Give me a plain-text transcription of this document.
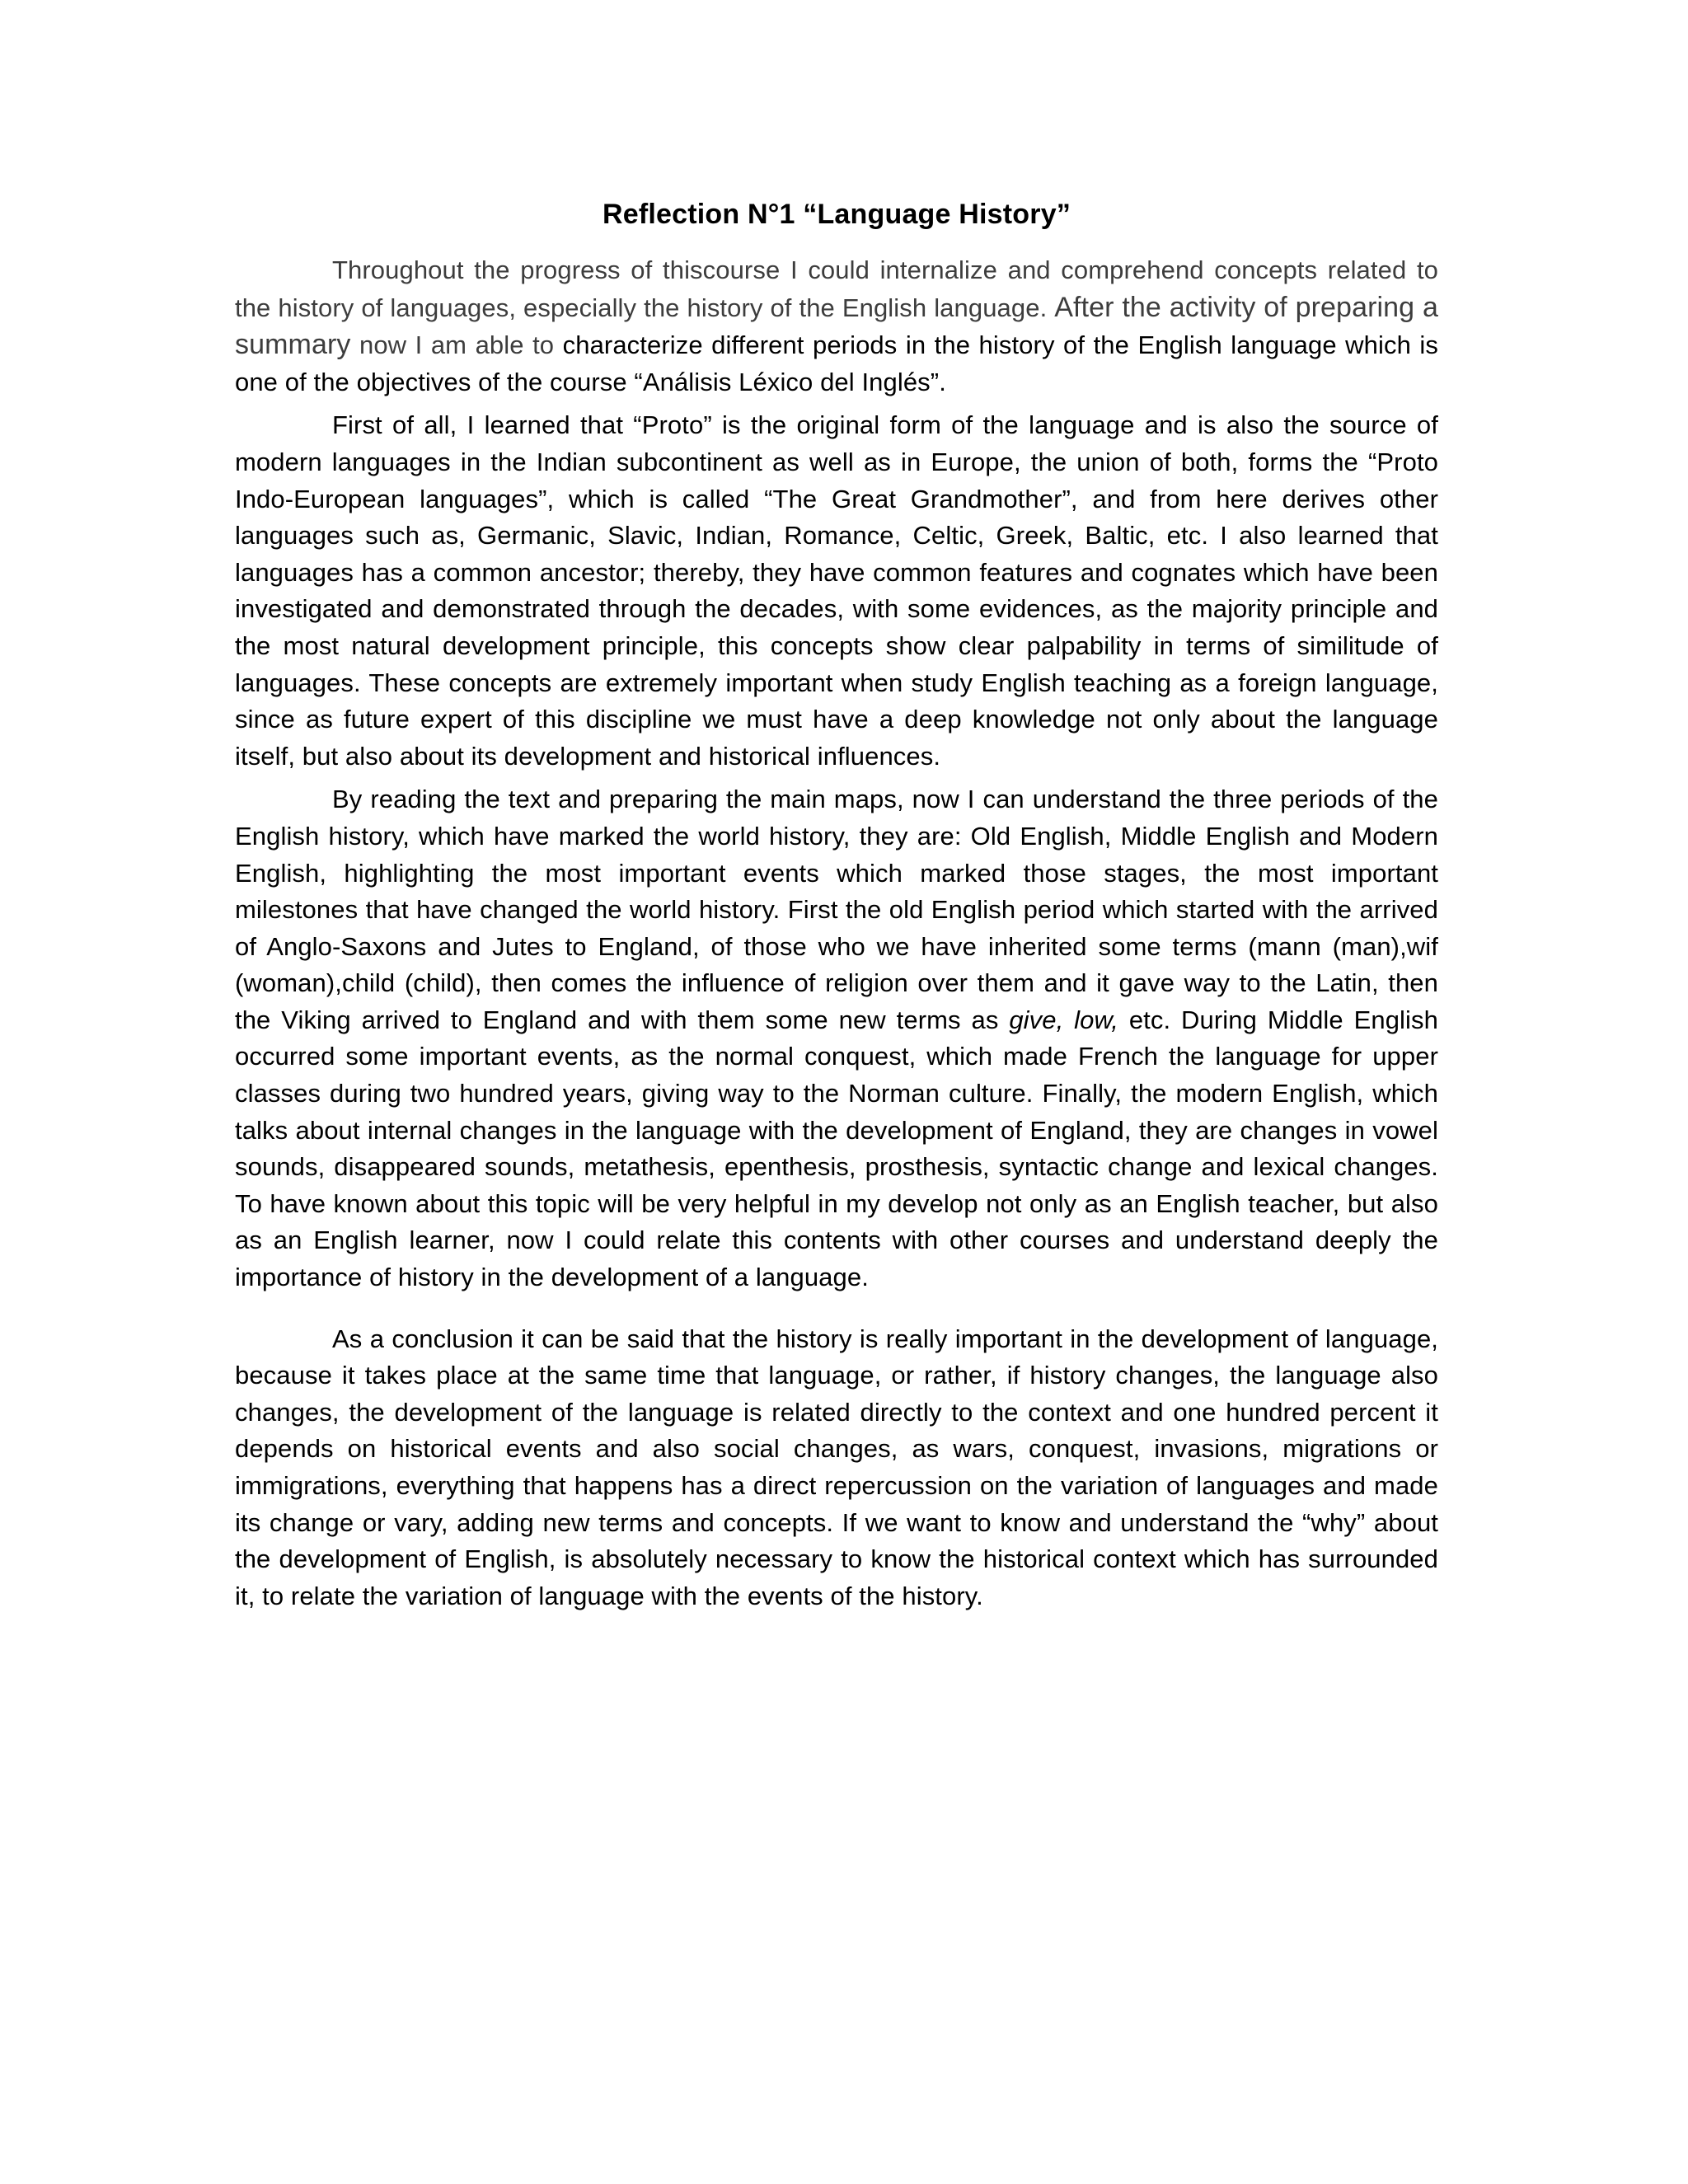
Reflection N°1 “Language History”

Throughout the progress of thiscourse I could internalize and comprehend concepts related to the history of languages, especially the history of the English language. After the activity of preparing a summary now I am able to characterize different periods in the history of the English language which is one of the objectives of the course “Análisis Léxico del Inglés”.

First of all, I learned that “Proto” is the original form of the language and is also the source of modern languages in the Indian subcontinent as well as in Europe, the union of both, forms the “Proto Indo-European languages”, which is called “The Great Grandmother”, and from here derives other languages such as, Germanic, Slavic, Indian, Romance, Celtic, Greek, Baltic, etc. I also learned that languages has a common ancestor; thereby, they have common features and cognates which have been investigated and demonstrated through the decades, with some evidences, as the majority principle and the most natural development principle, this concepts show clear palpability in terms of similitude of languages. These concepts are extremely important when study English teaching as a foreign language, since as future expert of this discipline we must have a deep knowledge not only about the language itself, but also about its development and historical influences.

By reading the text and preparing the main maps, now I can understand the three periods of the English history, which have marked the world history, they are: Old English, Middle English and Modern English, highlighting the most important events which marked those stages, the most important milestones that have changed the world history. First the old English period which started with the arrived of Anglo-Saxons and Jutes to England, of those who we have inherited some terms (mann (man),wif (woman),child (child), then comes the influence of religion over them and it gave way to the Latin, then the Viking arrived to England and with them some new terms as give, low, etc. During Middle English occurred some important events, as the normal conquest, which made French the language for upper classes during two hundred years, giving way to the Norman culture. Finally, the modern English, which talks about internal changes in the language with the development of England, they are changes in vowel sounds, disappeared sounds, metathesis, epenthesis, prosthesis, syntactic change and lexical changes. To have known about this topic will be very helpful in my develop not only as an English teacher, but also as an English learner, now I could relate this contents with other courses and understand deeply the importance of history in the development of a language.

As a conclusion it can be said that the history is really important in the development of language, because it takes place at the same time that language, or rather, if history changes, the language also changes, the development of the language is related directly to the context and one hundred percent it depends on historical events and also social changes, as wars, conquest, invasions, migrations or immigrations, everything that happens has a direct repercussion on the variation of languages and made its change or vary, adding new terms and concepts. If we want to know and understand the “why” about the development of English, is absolutely necessary to know the historical context which has surrounded it, to relate the variation of language with the events of the history.
